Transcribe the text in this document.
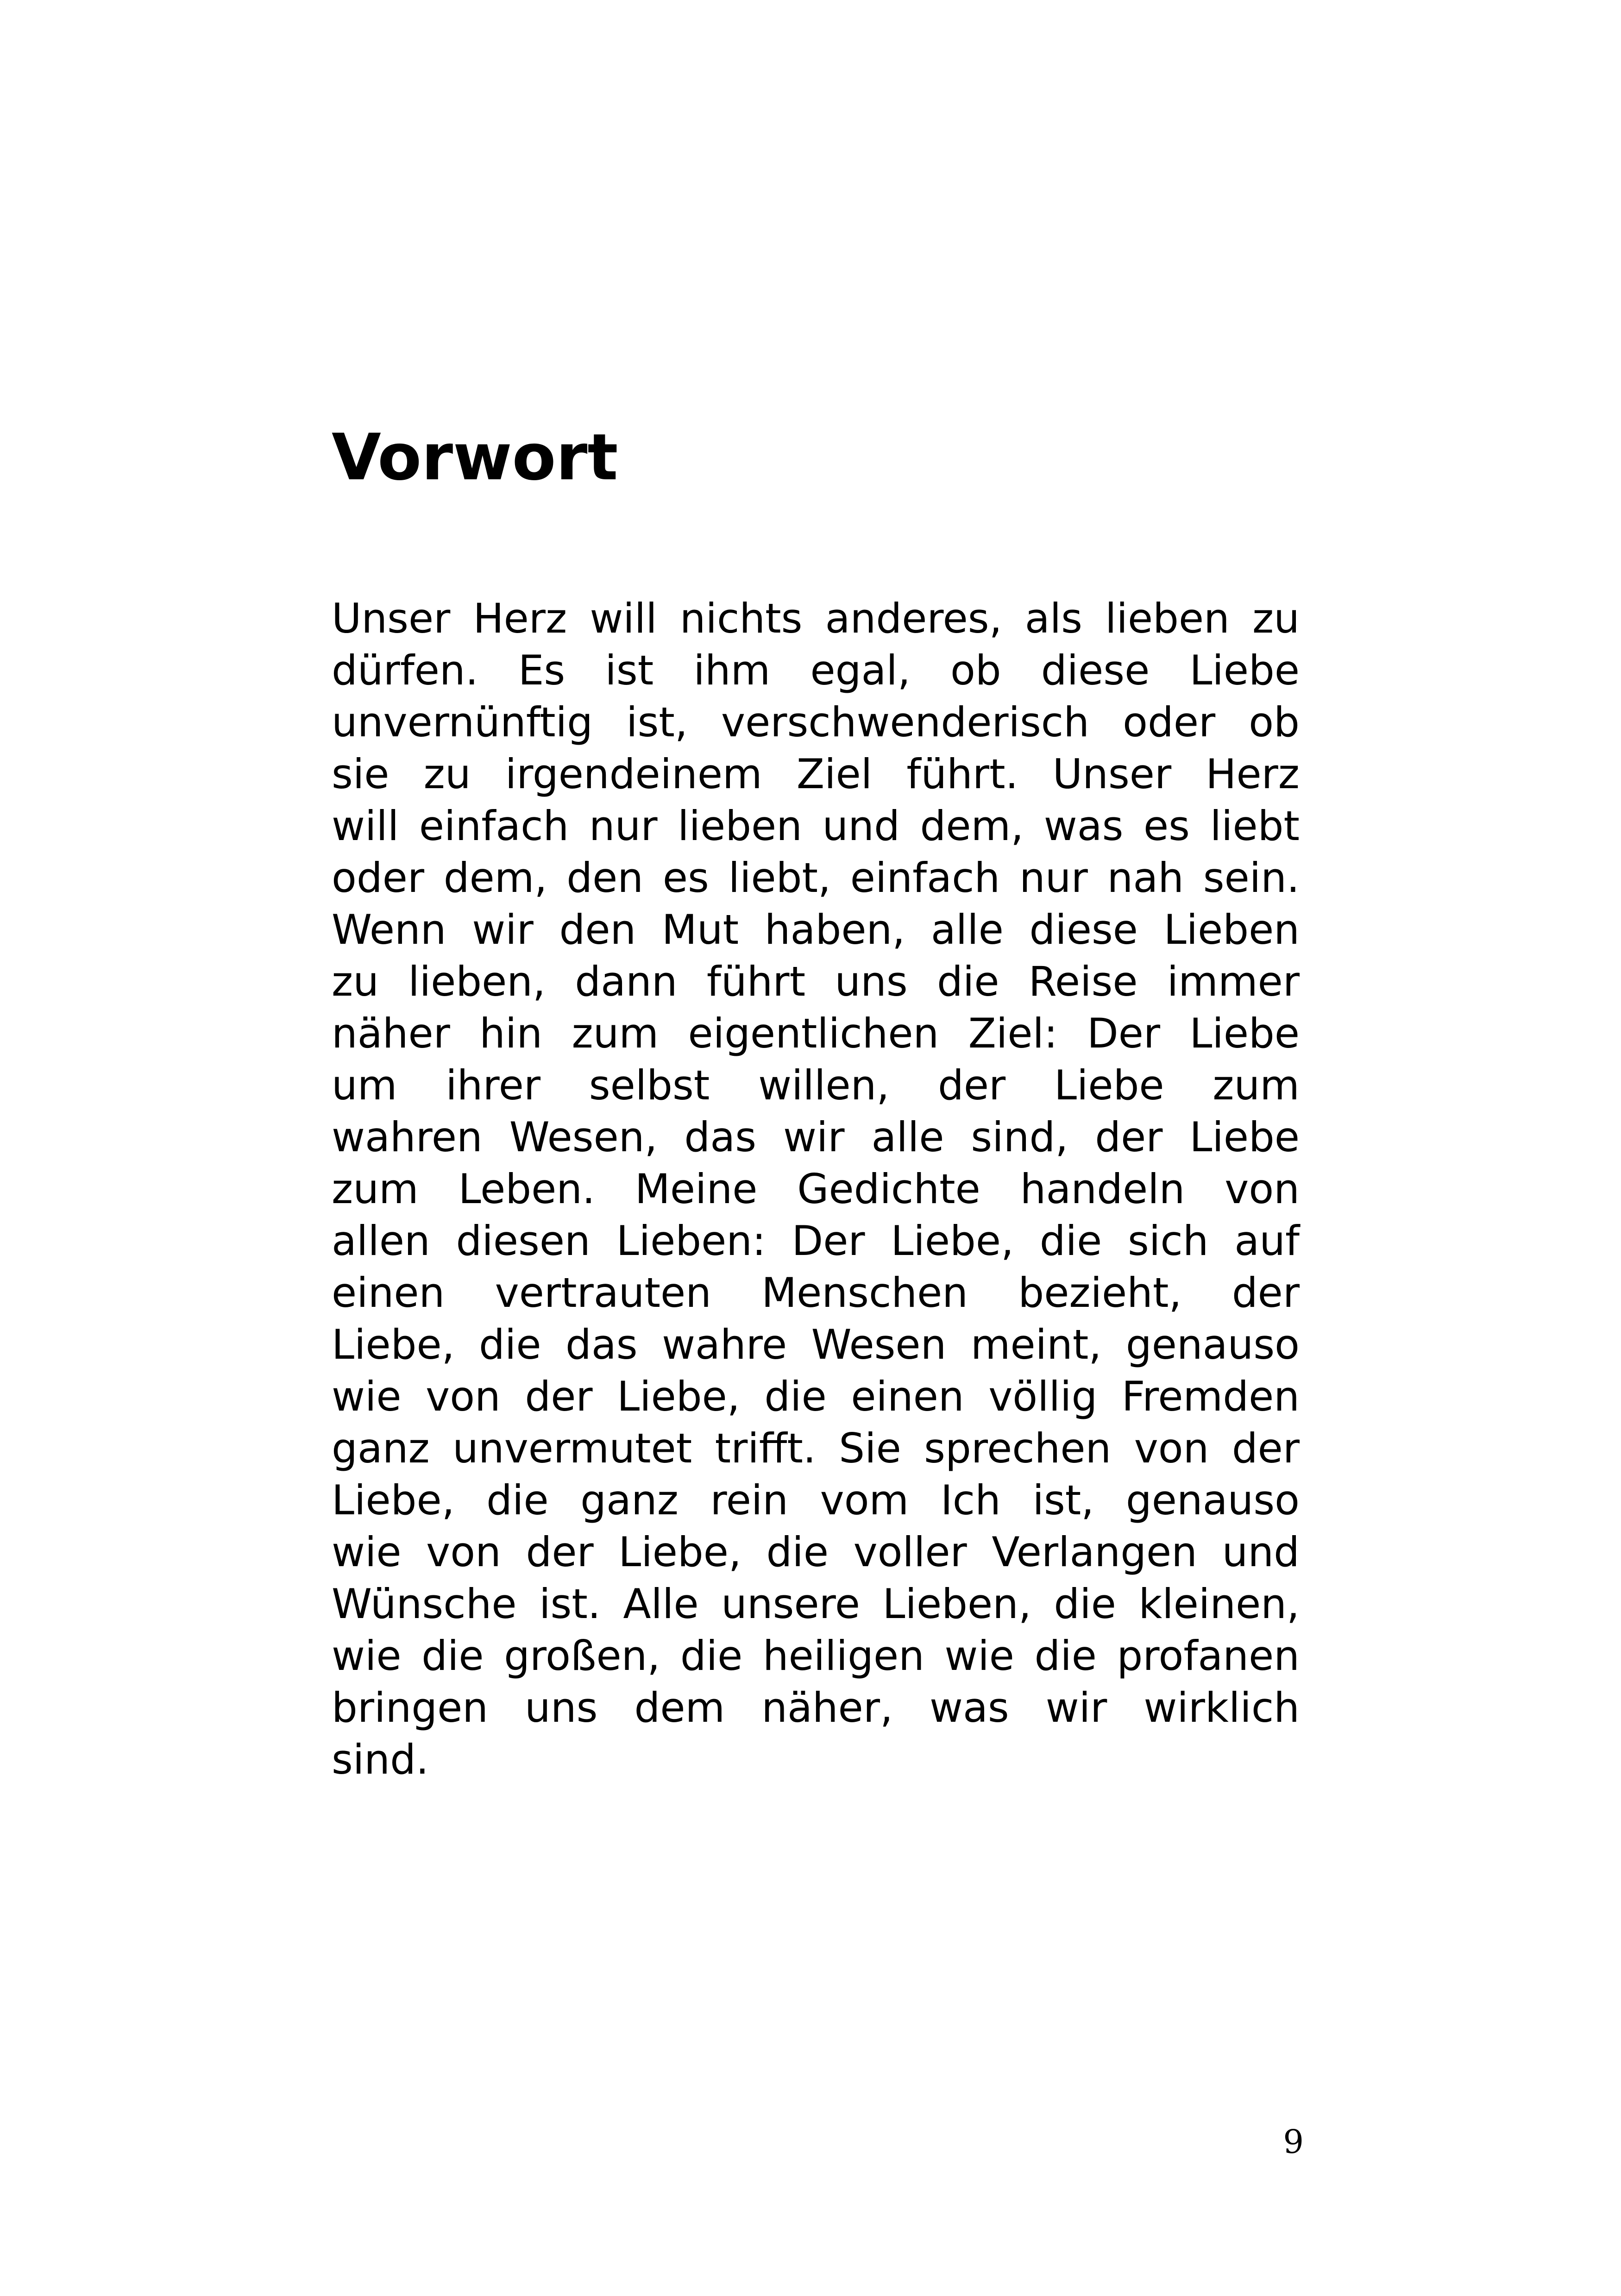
Vorwort
Unser Herz will nichts anderes, als lieben zu
dürfen. Es ist ihm egal, ob diese Liebe
unvernünftig ist, verschwenderisch oder ob
sie zu irgendeinem Ziel führt. Unser Herz
will einfach nur lieben und dem, was es liebt
oder dem, den es liebt, einfach nur nah sein.
Wenn wir den Mut haben, alle diese Lieben
zu lieben, dann führt uns die Reise immer
näher hin zum eigentlichen Ziel: Der Liebe
um ihrer selbst willen, der Liebe zum
wahren Wesen, das wir alle sind, der Liebe
zum Leben. Meine Gedichte handeln von
allen diesen Lieben: Der Liebe, die sich auf
einen vertrauten Menschen bezieht, der
Liebe, die das wahre Wesen meint, genauso
wie von der Liebe, die einen völlig Fremden
ganz unvermutet trifft. Sie sprechen von der
Liebe, die ganz rein vom Ich ist, genauso
wie von der Liebe, die voller Verlangen und
Wünsche ist. Alle unsere Lieben, die kleinen,
wie die großen, die heiligen wie die profanen
bringen uns dem näher, was wir wirklich
sind.
9
